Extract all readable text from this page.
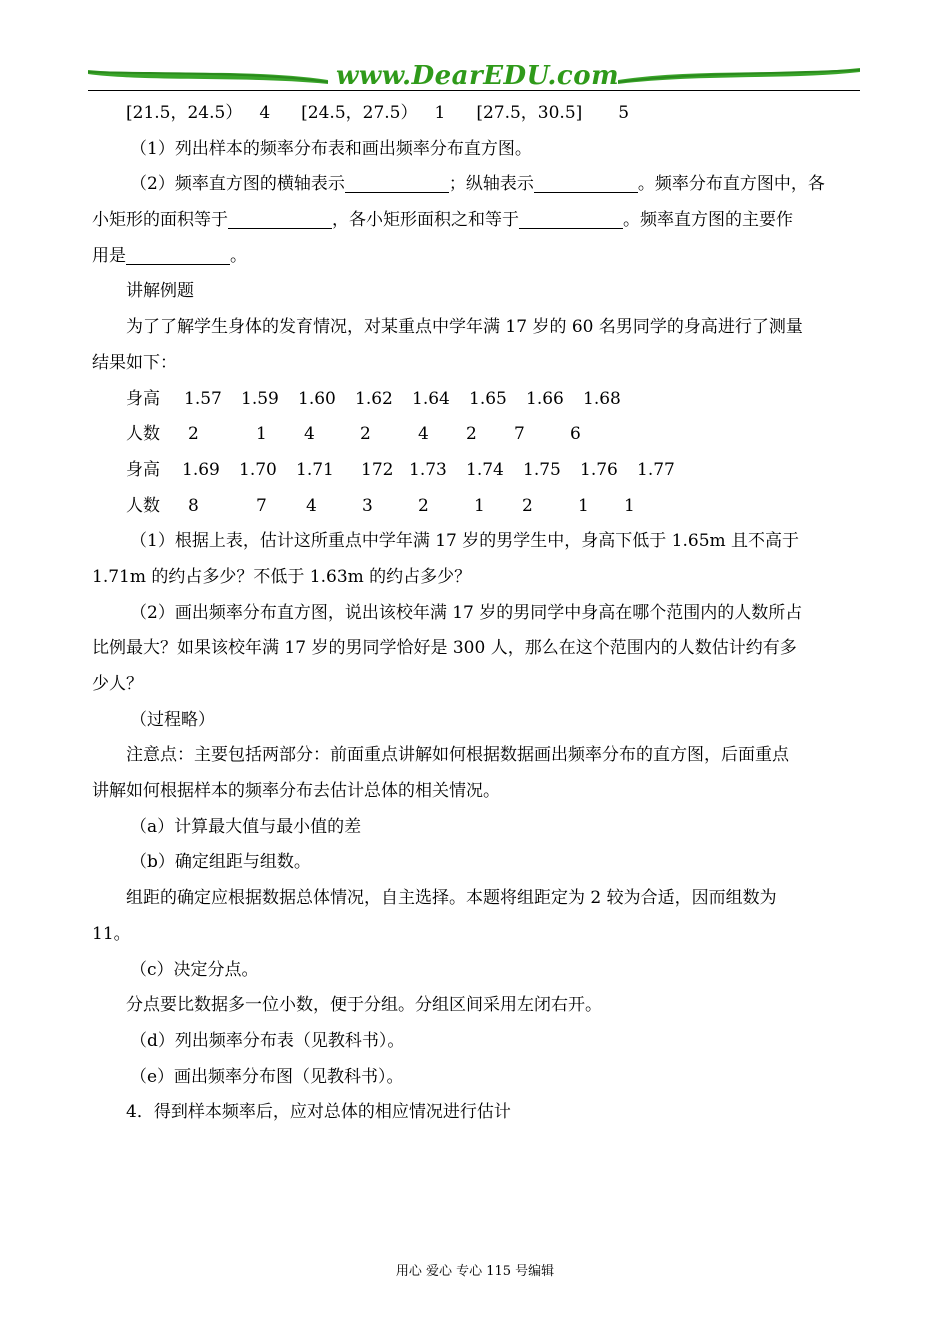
www.DearEDU.com
[21.5，24.5） 4 [24.5，27.5） 1 [27.5，30.5] 5
（1）列出样本的频率分布表和画出频率分布直方图。
（2）频率直方图的横轴表示	；纵轴表示	。频率分布直方图中，各
小矩形的面积等于	，各小矩形面积之和等于	。频率直方图的主要作
用是	。
讲解例题
为了了解学生身体的发育情况，对某重点中学年满 17 岁的 60 名男同学的身高进行了测量
结果如下：
身高	1.57	1.59	1.60	1.62	1.64	1.65	1.66	1.68
人数	2	1	4	2	4	2	7	6
身高	1.69	1.70	1.71	172 1.73	1.74	1.75	1.76	1.77
人数	8	7	4	3	2	1	2	1	1
（1）根据上表，估计这所重点中学年满 17 岁的男学生中，身高下低于 1.65m 且不高于
1.71m 的约占多少？不低于 1.63m 的约占多少？
（2）画出频率分布直方图，说出该校年满 17 岁的男同学中身高在哪个范围内的人数所占
比例最大？如果该校年满 17 岁的男同学恰好是 300 人，那么在这个范围内的人数估计约有多
少人？
（过程略）
注意点：主要包括两部分：前面重点讲解如何根据数据画出频率分布的直方图，后面重点
讲解如何根据样本的频率分布去估计总体的相关情况。
（a）计算最大值与最小值的差
（b）确定组距与组数。
组距的确定应根据数据总体情况，自主选择。本题将组距定为 2 较为合适，因而组数为
11。
（c）决定分点。
分点要比数据多一位小数，便于分组。分组区间采用左闭右开。
（d）列出频率分布表（见教科书）。
（e）画出频率分布图（见教科书）。
4．得到样本频率后，应对总体的相应情况进行估计
用心 爱心 专心 115 号编辑
